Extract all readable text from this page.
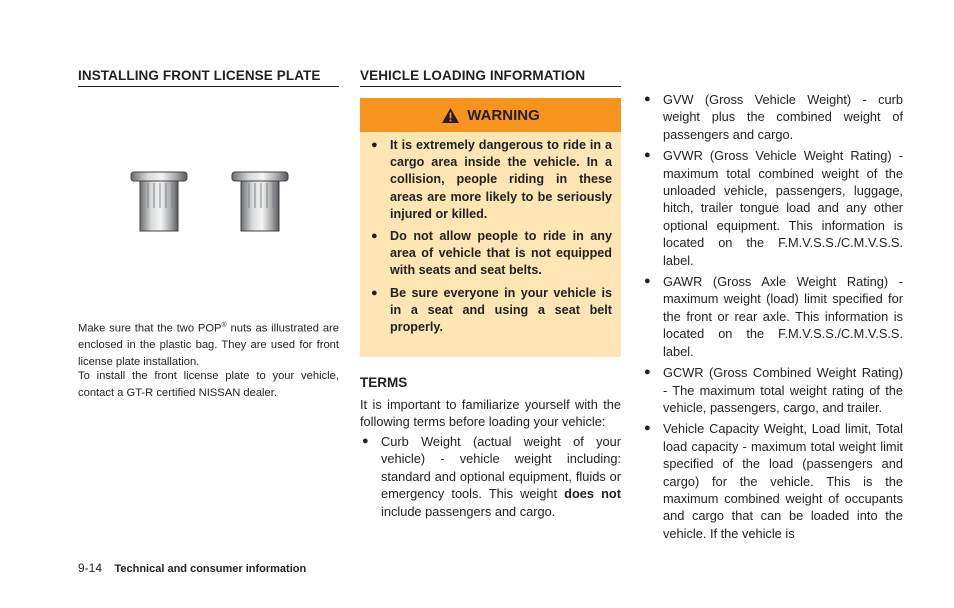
INSTALLING FRONT LICENSE PLATE
Make sure that the two POP® nuts as illustrated are enclosed in the plastic bag. They are used for front license plate installation.
To install the front license plate to your vehicle, contact a GT-R certified NISSAN dealer.
VEHICLE LOADING INFORMATION
WARNING
● It is extremely dangerous to ride in a cargo area inside the vehicle. In a collision, people riding in these areas are more likely to be seriously injured or killed.
● Do not allow people to ride in any area of vehicle that is not equipped with seats and seat belts.
● Be sure everyone in your vehicle is in a seat and using a seat belt properly.
TERMS
It is important to familiarize yourself with the following terms before loading your vehicle:
● Curb Weight (actual weight of your vehicle) - vehicle weight including: standard and optional equipment, fluids or emergency tools. This weight does not include passengers and cargo.
● GVW (Gross Vehicle Weight) - curb weight plus the combined weight of passengers and cargo.
● GVWR (Gross Vehicle Weight Rating) - maximum total combined weight of the unloaded vehicle, passengers, luggage, hitch, trailer tongue load and any other optional equipment. This information is located on the F.M.V.S.S./C.M.V.S.S. label.
● GAWR (Gross Axle Weight Rating) - maximum weight (load) limit specified for the front or rear axle. This information is located on the F.M.V.S.S./C.M.V.S.S. label.
● GCWR (Gross Combined Weight Rating) - The maximum total weight rating of the vehicle, passengers, cargo, and trailer.
● Vehicle Capacity Weight, Load limit, Total load capacity - maximum total weight limit specified of the load (passengers and cargo) for the vehicle. This is the maximum combined weight of occupants and cargo that can be loaded into the vehicle. If the vehicle is
9-14 Technical and consumer information
